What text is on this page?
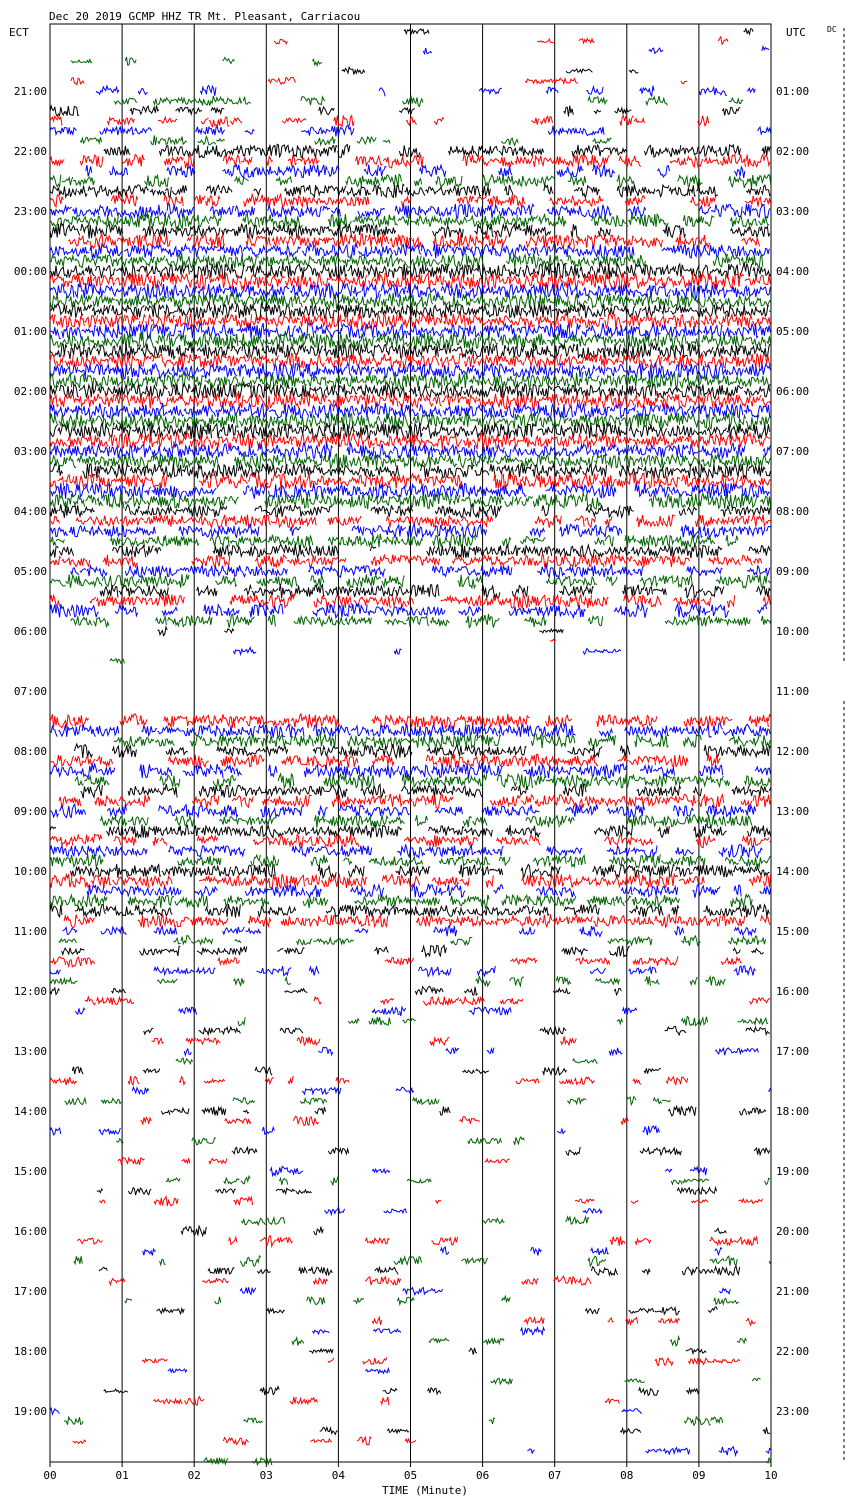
Dec 20 2019 GCMP HHZ TR Mt. Pleasant, Carriacou
ECT	UTC	DC
21:00
22:00
23:00
00:00
01:00
02:00
03:00
04:00
05:00
06:00
07:00
08:00
09:00
10:00
11:00
12:00
13:00
14:00
15:00
16:00
17:00
18:00
19:00
01:00
02:00
03:00
04:00
05:00
06:00
07:00
08:00
09:00
10:00
11:00
12:00
13:00
14:00
15:00
16:00
17:00
18:00
19:00
20:00
21:00
22:00
23:00
00	01	02	03	04	05	06	07	08	09	10
TIME (Minute)
